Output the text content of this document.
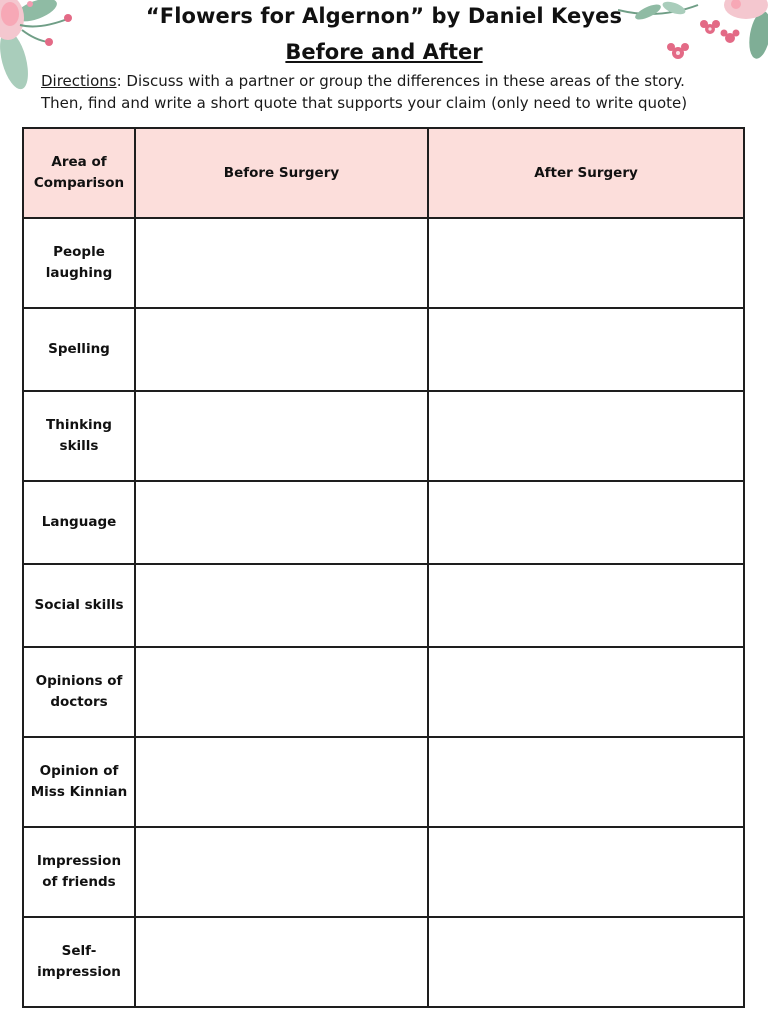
“Flowers for Algernon” by Daniel Keyes
Before and After
Directions: Discuss with a partner or group the differences in these areas of the story.
Then, find and write a short quote that supports your claim (only need to write quote)
Area of
Comparison	Before Surgery	After Surgery

People
laughing		

Spelling		

Thinking
skills		

Language		

Social skills		

Opinions of
doctors		

Opinion of
Miss Kinnian		

Impression
of friends		

Self-
impression		
